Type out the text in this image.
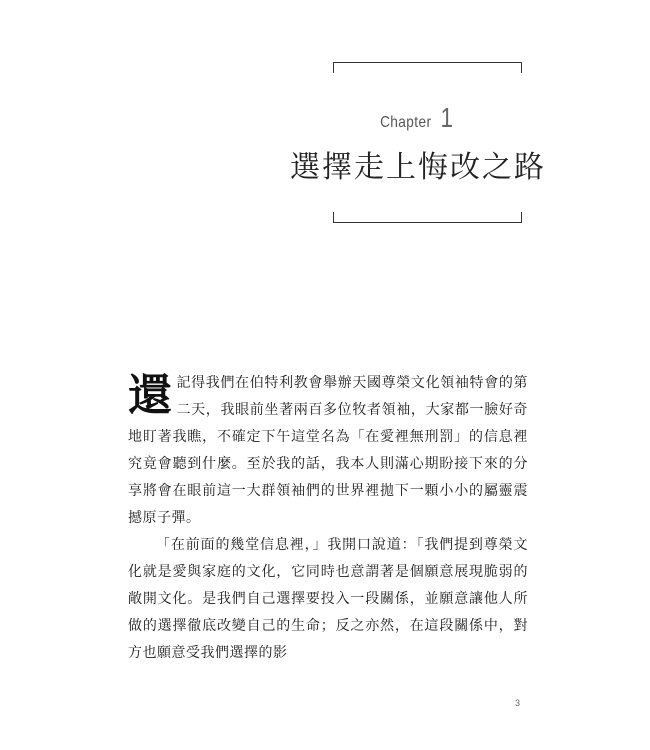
Chapter 1
選擇走上悔改之路

還 記得我們在伯特利教會舉辦天國尊榮文化領袖特會的第二天，我眼前坐著兩百多位牧者領袖，大家都一臉好奇地盯著我瞧，不確定下午這堂名為「在愛裡無刑罰」的信息裡究竟會聽到什麼。至於我的話，我本人則滿心期盼接下來的分享將會在眼前這一大群領袖們的世界裡拋下一顆小小的屬靈震撼原子彈。

「在前面的幾堂信息裡，」我開口說道：「我們提到尊榮文化就是愛與家庭的文化，它同時也意謂著是個願意展現脆弱的敞開文化。是我們自己選擇要投入一段關係，並願意讓他人所做的選擇徹底改變自己的生命；反之亦然，在這段關係中，對方也願意受我們選擇的影

3
